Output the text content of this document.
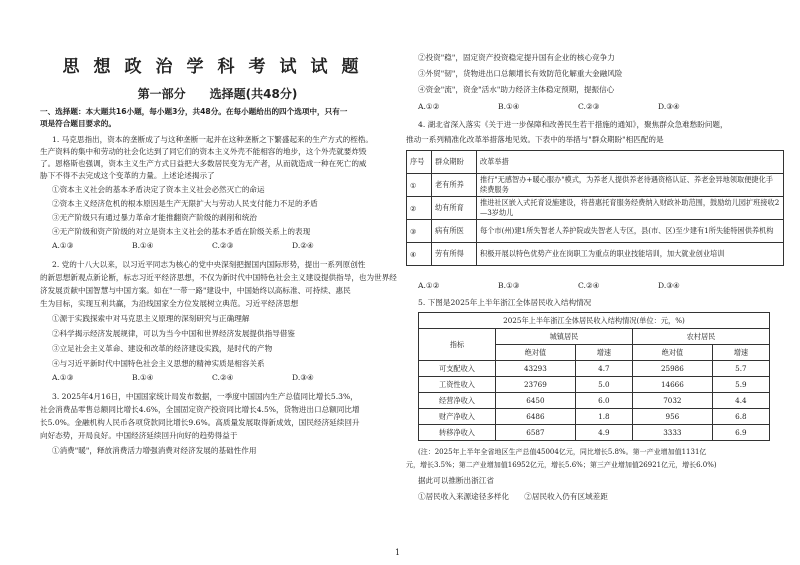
思想政治学科考试试题
第一部分　　选择题(共48分)
一、选择题：本大题共16小题，每小题3分，共48分。在每小题给出的四个选项中，只有一
项是符合题目要求的。
1. 马克思指出，资本的垄断成了与这种垄断一起并在这种垄断之下繁盛起来的生产方式的桎梏。
生产资料的集中和劳动的社会化达到了同它们的资本主义外壳不能相容的地步，这个外壳就要炸毁
了。恩格斯也强调，资本主义生产方式日益把大多数居民变为无产者，从而就造成一种在死亡的威
胁下不得不去完成这个变革的力量。上述论述揭示了
①资本主义社会的基本矛盾决定了资本主义社会必然灭亡的命运
②资本主义经济危机的根本原因是生产无限扩大与劳动人民支付能力不足的矛盾
③无产阶级只有通过暴力革命才能推翻资产阶级的剥削和统治
④无产阶级和资产阶级的对立是资本主义社会的基本矛盾在阶级关系上的表现
A.①③	B.①④	C.②③	D.②④
2. 党的十八大以来，以习近平同志为核心的党中央深刻把握国内国际形势，提出一系列原创性
的新思想新观点新论断，标志习近平经济思想，不仅为新时代中国特色社会主义建设提供指导，也为世界经
济发展贡献中国智慧与中国方案。如在"一带一路"建设中，中国始终以高标准、可持续、惠民
生为目标，实现互利共赢，为沿线国家全方位发展树立典范。习近平经济思想
①源于实践探索中对马克思主义原理的深刻研究与正确理解
②科学揭示经济发展规律，可以为当今中国和世界经济发展提供指导借鉴
③立足社会主义革命、建设和改革的经济建设实践，是时代的产物
④与习近平新时代中国特色社会主义思想的精神实质是相容关系
A.①③	B.①④	C.②④	D.③④
3. 2025年4月16日，中国国家统计局发布数据，一季度中国国内生产总值同比增长5.3%，
社会消费品零售总额同比增长4.6%，全国固定资产投资同比增长4.5%，货物进出口总额同比增
长5.0%。金融机构人民币各项贷款同比增长9.6%。高质量发展取得新成效，国民经济延续回升
向好态势，开局良好。中国经济延续回升向好的趋势得益于
①消费"暖"，释放消费活力增强消费对经济发展的基础性作用
②投资"稳"，固定资产投资稳定提升国有企业的核心竞争力
③外贸"韧"，货物进出口总额增长有效防范化解重大金融风险
④资金"流"，资金"活水"助力经济主体稳定预期，提振信心
A.①②	B.①④	C.②③	D.③④
4. 湖北省深入落实《关于进一步保障和改善民生若干措施的通知》，聚焦群众急难愁盼问题，
推动一系列精准化改革举措落地见效。下表中的举措与"群众期盼"相匹配的是
序号	群众期盼	改革举措
①	老有所养	推行"无感智办+暖心服办"模式，为养老人提供养老待遇资格认证、养老金异地领取便捷化手续费服务
②	幼有所育	推进社区嵌入式托育设施建设，将普惠托育服务经费纳入财政补助范围，鼓励幼儿园扩班接收2—3岁幼儿
③	病有所医	每个市(州)建1所失智老人养护院或失智老人专区，县(市、区)至少建有1所失能特困供养机构
④	劳有所得	积极开展以特色优势产业在岗职工为重点的职业技能培训，加大就业创业培训
A.①②	B.①③	C.②④	D.③④
5. 下图是2025年上半年浙江全体居民收入结构情况
2025年上半年浙江全体居民收入结构情况(单位：元，%)				
指标	城镇居民		农村居民	
	绝对值	增速	绝对值	增速
可支配收入	43293	4.7	25986	5.7
工资性收入	23769	5.0	14666	5.9
经营净收入	6450	6.0	7032	4.4
财产净收入	6486	1.8	956	6.8
转移净收入	6587	4.9	3333	6.9
(注：2025年上半年全省地区生产总值45004亿元，同比增长5.8%。第一产业增加值1131亿
元，增长3.5%；第二产业增加值16952亿元，增长5.6%；第三产业增加值26921亿元，增长6.0%)
据此可以推断出浙江省
①居民收入来源途径多样化　　②居民收入仍有区域差距
1
